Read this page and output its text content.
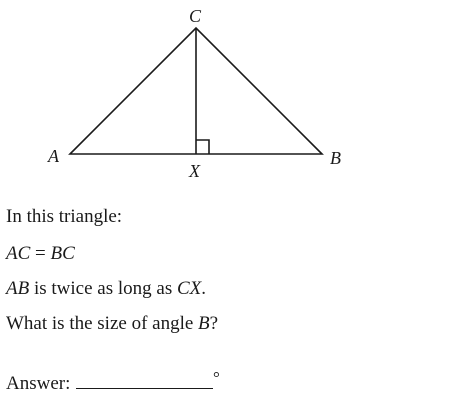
C
A	B
X
In this triangle:
AC = BC
AB is twice as long as CX.
What is the size of angle B?
Answer:	°
